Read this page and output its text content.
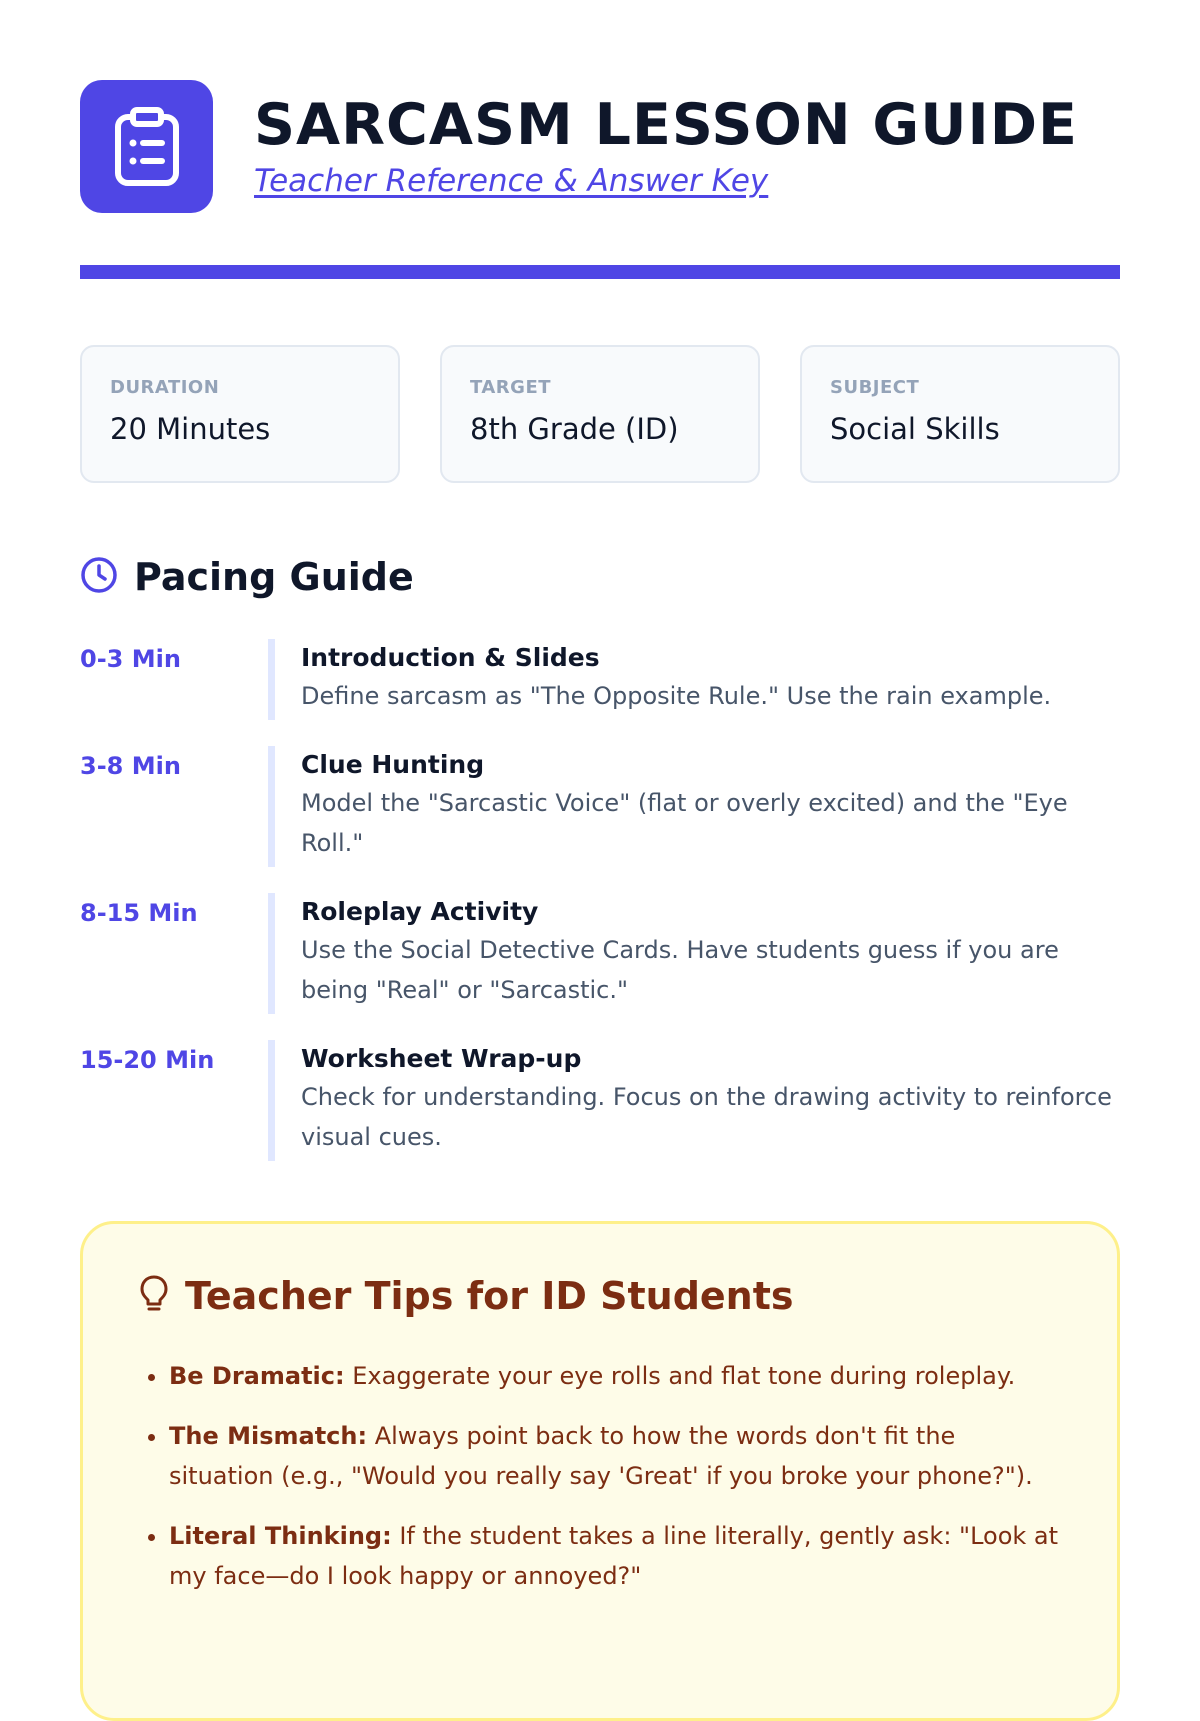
SARCASM LESSON GUIDE
Teacher Reference & Answer Key
DURATION
20 Minutes
TARGET
8th Grade (ID)
SUBJECT
Social Skills
Pacing Guide
0-3 Min	Introduction & Slides
Define sarcasm as "The Opposite Rule." Use the rain example.
3-8 Min	Clue Hunting
Model the "Sarcastic Voice" (flat or overly excited) and the "Eye Roll."
8-15 Min	Roleplay Activity
Use the Social Detective Cards. Have students guess if you are being "Real" or "Sarcastic."
15-20 Min	Worksheet Wrap-up
Check for understanding. Focus on the drawing activity to reinforce visual cues.
Teacher Tips for ID Students
• Be Dramatic: Exaggerate your eye rolls and flat tone during roleplay.
• The Mismatch: Always point back to how the words don't fit the situation (e.g., "Would you really say 'Great' if you broke your phone?").
• Literal Thinking: If the student takes a line literally, gently ask: "Look at my face—do I look happy or annoyed?"
